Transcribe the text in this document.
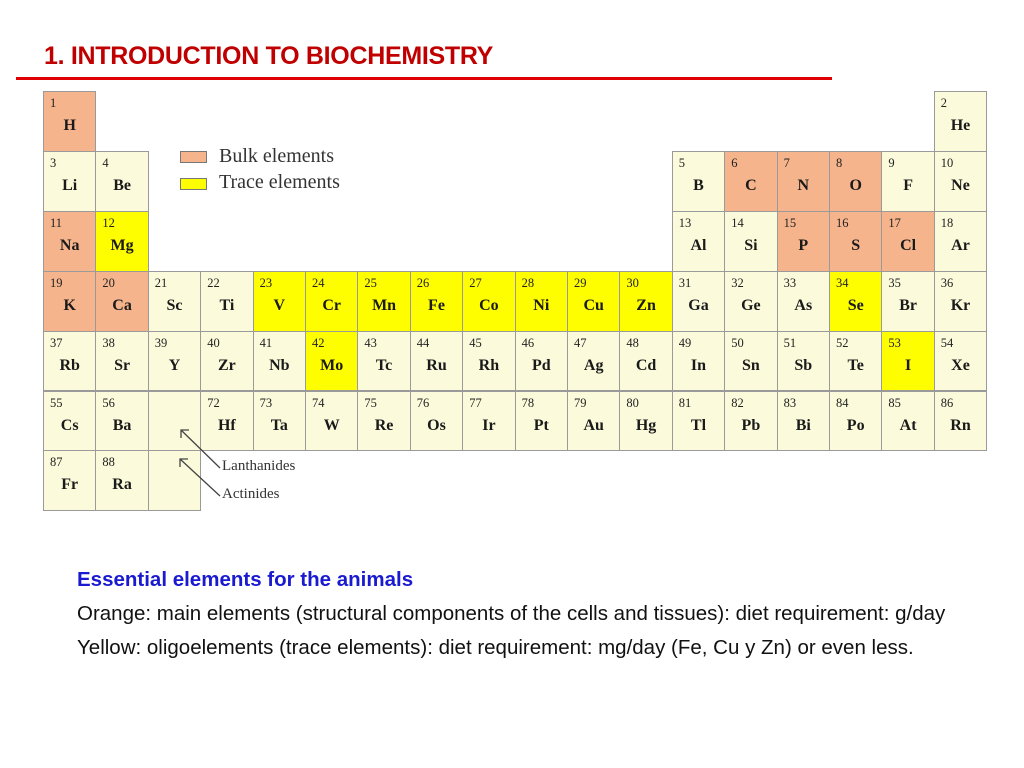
1. INTRODUCTION TO BIOCHEMISTRY
88
Ra
87
Fr
86
Rn
85
At
84
Po
83
Bi
82
Pb
81
Tl
80
Hg
79
Au
78
Pt
77
Ir
76
Os
75
Re
74
W
73
Ta
72
Hf
56
Ba
55
Cs
54
Xe
53
I
52
Te
51
Sb
50
Sn
49
In
48
Cd
47
Ag
46
Pd
45
Rh
44
Ru
43
Tc
42
Mo
41
Nb
40
Zr
39
Y
38
Sr
37
Rb
36
Kr
35
Br
34
Se
33
As
32
Ge
31
Ga
30
Zn
29
Cu
28
Ni
27
Co
26
Fe
25
Mn
24
Cr
23
V
22
Ti
21
Sc
20
Ca
19
K
18
Ar
17
Cl
16
S
15
P
14
Si
13
Al
12
Mg
11
Na
10
Ne
9
F
8
O
7
N
6
C
5
B
4
Be
3
Li
2
He
1
H
Bulk elements
Trace elements
Lanthanides
Actinides

Essential elements for the animals

Orange: main elements (structural components of the cells and tissues): diet requirement: g/day

Yellow: oligoelements (trace elements): diet requirement: mg/day (Fe, Cu y Zn) or even less.
